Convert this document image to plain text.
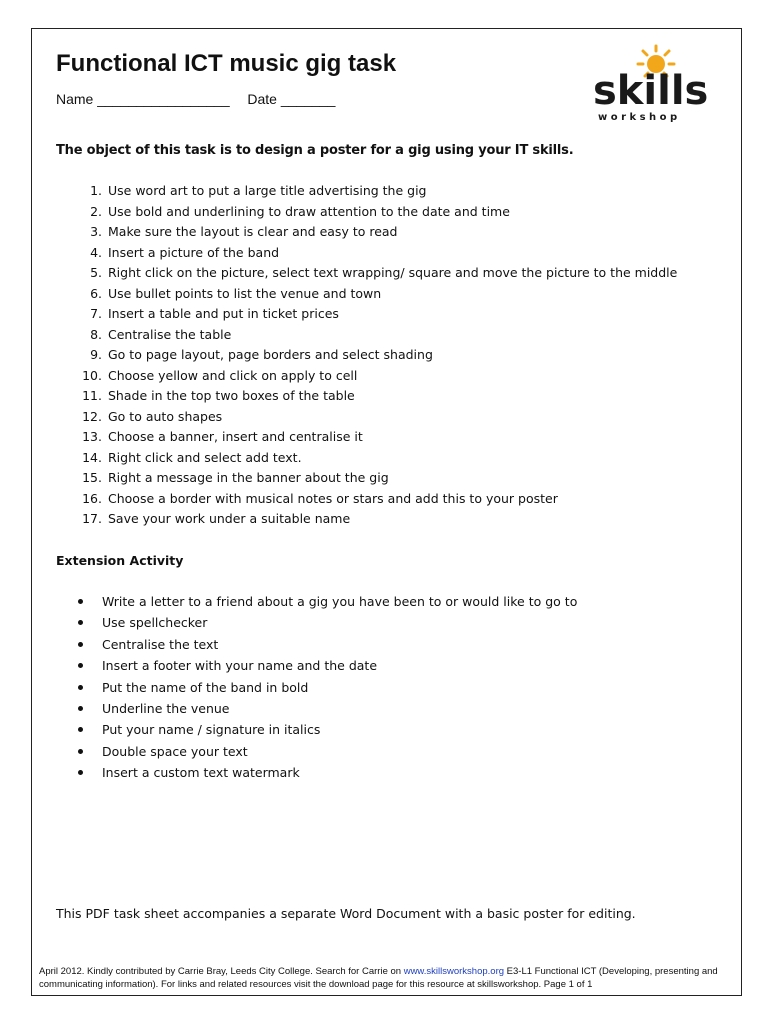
Functional ICT music gig task
Name _________________ Date _______	skills
w o r k s h o p
The object of this task is to design a poster for a gig using your IT skills.
1. Use word art to put a large title advertising the gig
2. Use bold and underlining to draw attention to the date and time
3. Make sure the layout is clear and easy to read
4. Insert a picture of the band
5. Right click on the picture, select text wrapping/ square and move the picture to the middle
6. Use bullet points to list the venue and town
7. Insert a table and put in ticket prices
8. Centralise the table
9. Go to page layout, page borders and select shading
10. Choose yellow and click on apply to cell
11. Shade in the top two boxes of the table
12. Go to auto shapes
13. Choose a banner, insert and centralise it
14. Right click and select add text.
15. Right a message in the banner about the gig
16. Choose a border with musical notes or stars and add this to your poster
17. Save your work under a suitable name
Extension Activity
Write a letter to a friend about a gig you have been to or would like to go to
Use spellchecker
Centralise the text
Insert a footer with your name and the date
Put the name of the band in bold
Underline the venue
Put your name / signature in italics
Double space your text
Insert a custom text watermark
This PDF task sheet accompanies a separate Word Document with a basic poster for editing.
April 2012. Kindly contributed by Carrie Bray, Leeds City College. Search for Carrie on www.skillsworkshop.org E3-L1 Functional ICT (Developing, presenting and communicating information). For links and related resources visit the download page for this resource at skillsworkshop. Page 1 of 1
